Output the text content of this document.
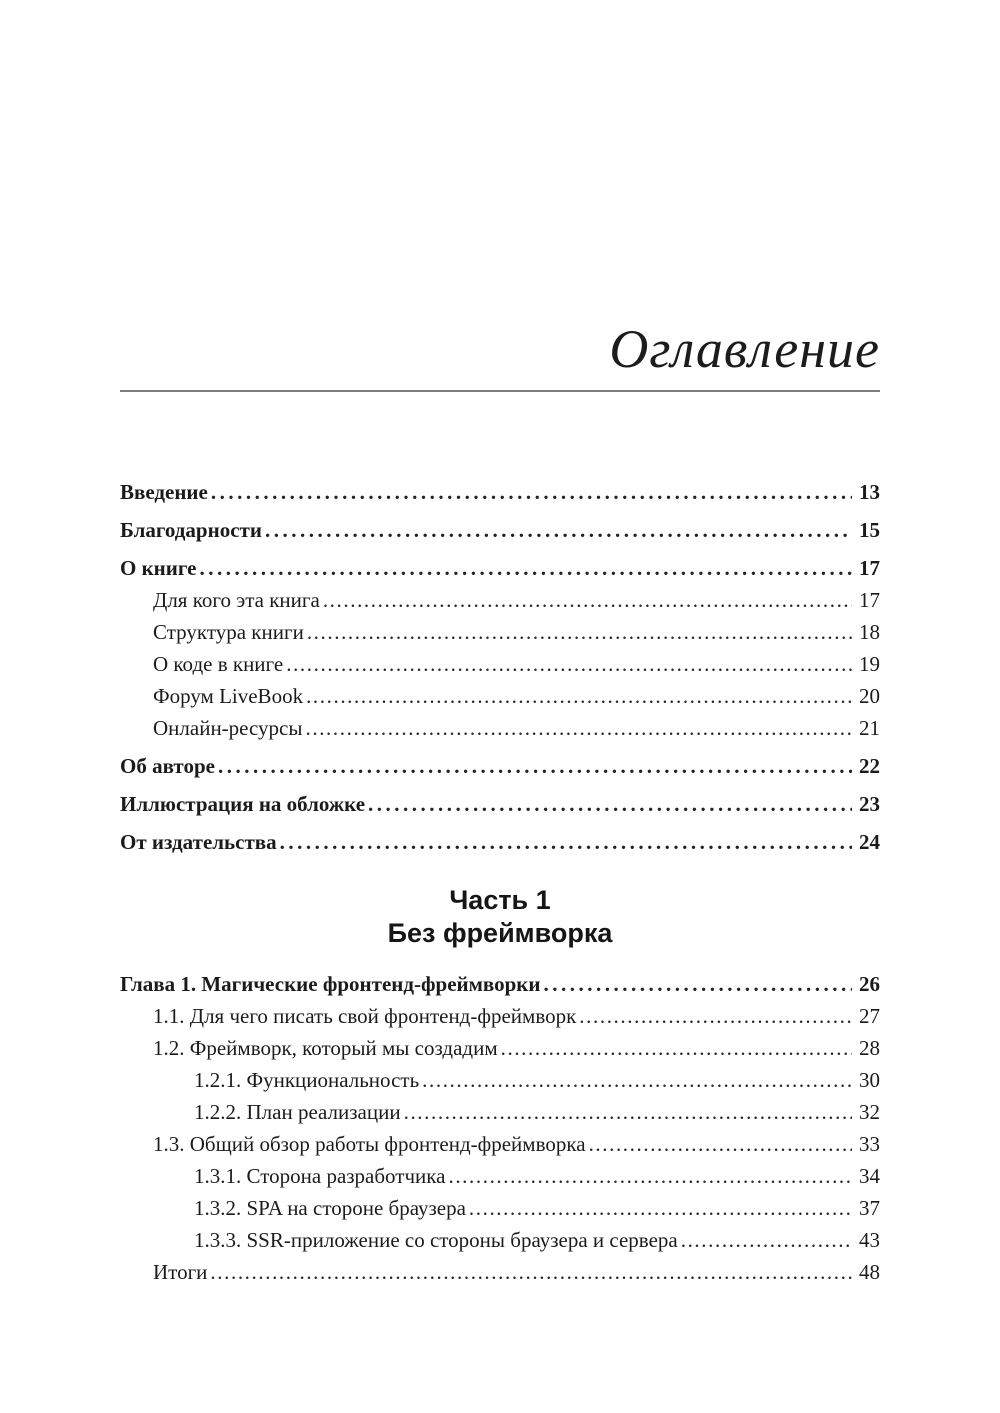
Оглавление
Введение .....	13
Благодарности .....	15
О книге .....	17
Для кого эта книга .....	17
Структура книги .....	18
О коде в книге .....	19
Форум LiveBook .....	20
Онлайн-ресурсы .....	21
Об авторе .....	22
Иллюстрация на обложке .....	23
От издательства .....	24
Часть 1
Без фреймворка
Глава 1. Магические фронтенд-фреймворки .....	26
1.1. Для чего писать свой фронтенд-фреймворк .....	27
1.2. Фреймворк, который мы создадим .....	28
1.2.1. Функциональность .....	30
1.2.2. План реализации .....	32
1.3. Общий обзор работы фронтенд-фреймворка .....	33
1.3.1. Сторона разработчика .....	34
1.3.2. SPA на стороне браузера .....	37
1.3.3. SSR-приложение со стороны браузера и сервера .....	43
Итоги .....	48
